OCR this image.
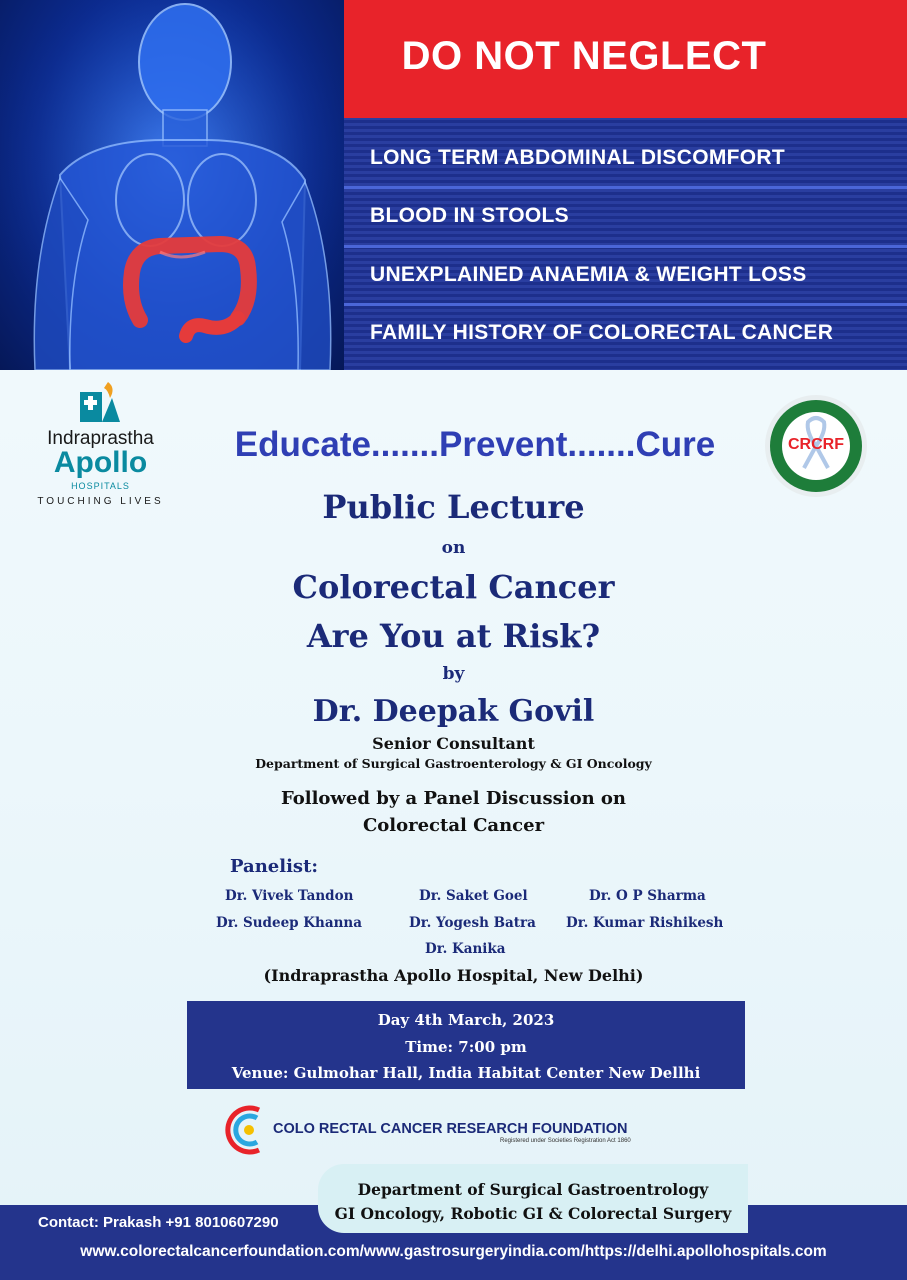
DO NOT NEGLECT
LONG TERM ABDOMINAL DISCOMFORT
BLOOD IN STOOLS
UNEXPLAINED ANAEMIA & WEIGHT LOSS
FAMILY HISTORY OF COLORECTAL CANCER
Indraprastha
Apollo
HOSPITALS
TOUCHING LIVES
CRCRF
Educate.......Prevent.......Cure
Public Lecture
on
Colorectal Cancer
Are You at Risk?
by
Dr. Deepak Govil
Senior Consultant
Department of Surgical Gastroenterology & GI Oncology
Followed by a Panel Discussion on
Colorectal Cancer
Panelist:
Dr. Vivek Tandon	Dr. Saket Goel	Dr. O P Sharma
Dr. Sudeep Khanna	Dr. Yogesh Batra Dr. Kumar Rishikesh
Dr. Kanika
(Indraprastha Apollo Hospital, New Delhi)
Day 4th March, 2023
Time: 7:00 pm
Venue: Gulmohar Hall, India Habitat Center New Dellhi
COLO RECTAL CANCER RESEARCH FOUNDATION
Registered under Societies Registration Act 1860
Department of Surgical Gastroentrology
GI Oncology, Robotic GI & Colorectal Surgery
Contact: Prakash +91 8010607290
www.colorectalcancerfoundation.com/www.gastrosurgeryindia.com/https://delhi.apollohospitals.com
